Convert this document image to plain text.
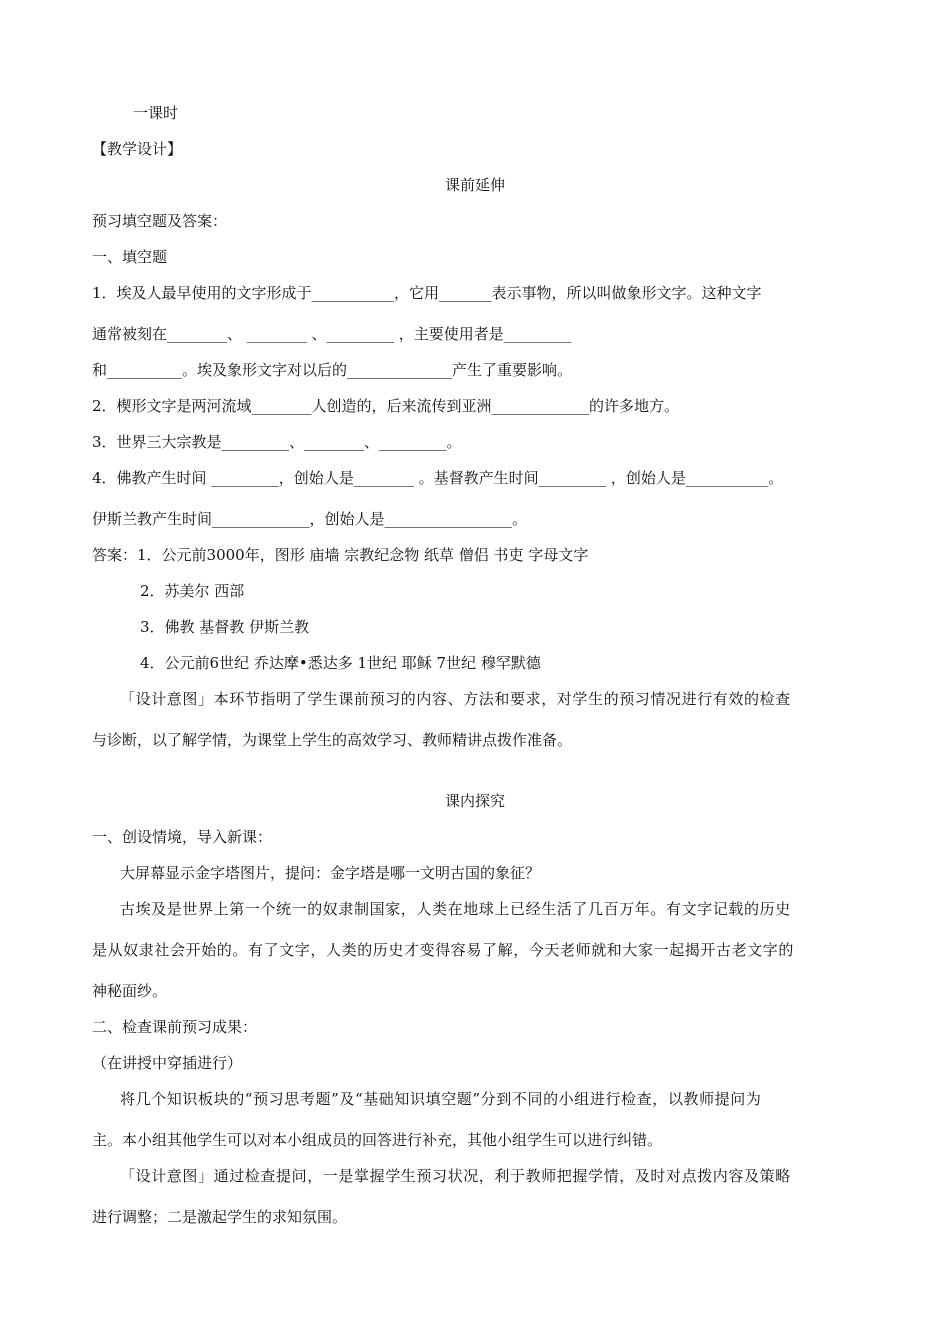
一课时
【教学设计】
课前延伸
预习填空题及答案：
一、填空题
1．埃及人最早使用的文字形成于___________，它用_______表示事物，所以叫做象形文字。这种文字
通常被刻在________、 ________ 、_________ ，主要使用者是_________
和__________。埃及象形文字对以后的______________产生了重要影响。
2．楔形文字是两河流域________人创造的，后来流传到亚洲_____________的许多地方。
3．世界三大宗教是_________、________、_________。
4．佛教产生时间 _________，创始人是________ 。基督教产生时间_________ ，创始人是___________。
伊斯兰教产生时间_____________，创始人是_________________。
答案：1．公元前3000年，图形 庙墙 宗教纪念物 纸草 僧侣 书吏 字母文字
2．苏美尔 西部
3．佛教 基督教 伊斯兰教
4．公元前6世纪 乔达摩•悉达多 1世纪 耶稣 7世纪 穆罕默德
「设计意图」本环节指明了学生课前预习的内容、方法和要求，对学生的预习情况进行有效的检查
与诊断，以了解学情，为课堂上学生的高效学习、教师精讲点拨作准备。
课内探究
一、创设情境，导入新课：
大屏幕显示金字塔图片，提问：金字塔是哪一文明古国的象征？
古埃及是世界上第一个统一的奴隶制国家，人类在地球上已经生活了几百万年。有文字记载的历史
是从奴隶社会开始的。有了文字，人类的历史才变得容易了解，今天老师就和大家一起揭开古老文字的
神秘面纱。
二、检查课前预习成果：
（在讲授中穿插进行）
将几个知识板块的“预习思考题”及“基础知识填空题”分到不同的小组进行检查，以教师提问为
主。本小组其他学生可以对本小组成员的回答进行补充，其他小组学生可以进行纠错。
「设计意图」通过检查提问，一是掌握学生预习状况，利于教师把握学情，及时对点拨内容及策略
进行调整；二是激起学生的求知氛围。
